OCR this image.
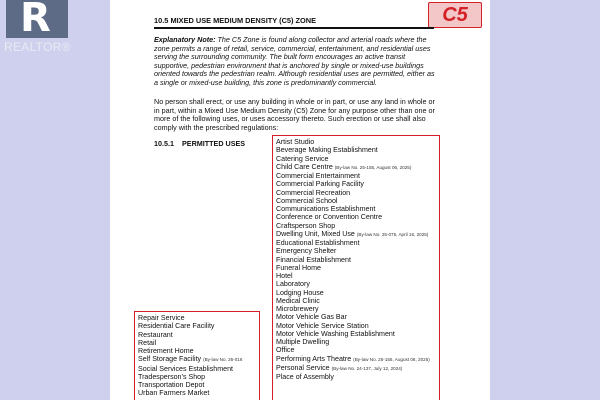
R
REALTOR®
C5
10.5 MIXED USE MEDIUM DENSITY (C5) ZONE
Explanatory Note: The C5 Zone is found along collector and arterial roads where the zone permits a range of retail, service, commercial, entertainment, and residential uses serving the surrounding community. The built form encourages an active transit supportive, pedestrian environment that is anchored by single or mixed-use buildings oriented towards the pedestrian realm. Although residential uses are permitted, either as a single or mixed-use building, this zone is predominantly commercial.
No person shall erect, or use any building in whole or in part, or use any land in whole or in part, within a Mixed Use Medium Density (C5) Zone for any purpose other than one or more of the following uses, or uses accessory thereto. Such erection or use shall also comply with the prescribed regulations:
10.5.1 PERMITTED USES	Artist Studio
Beverage Making Establishment
Catering Service
Child Care Centre (By-law No. 25-155, August 06, 2025)
Commercial Entertainment
Commercial Parking Facility
Commercial Recreation
Commercial School
Communications Establishment
Conference or Convention Centre
Craftsperson Shop
Dwelling Unit, Mixed Use (By-law No. 25-075, April 16, 2025)
Educational Establishment
Emergency Shelter
Financial Establishment
Funeral Home
Hotel
Laboratory
Lodging House
Medical Clinic
Microbrewery
Motor Vehicle Gas Bar
Motor Vehicle Service Station
Motor Vehicle Washing Establishment
Multiple Dwelling
Office
Performing Arts Theatre (By-law No. 25-155, August 06, 2025)
Personal Service (By-law No. 24-137, July 12, 2024)
Place of Assembly
Repair Service
Residential Care Facility
Restaurant
Retail
Retirement Home
Self Storage Facility (By-law No. 26-016
Social Services Establishment
Tradesperson’s Shop
Transportation Depot
Urban Farmers Market
